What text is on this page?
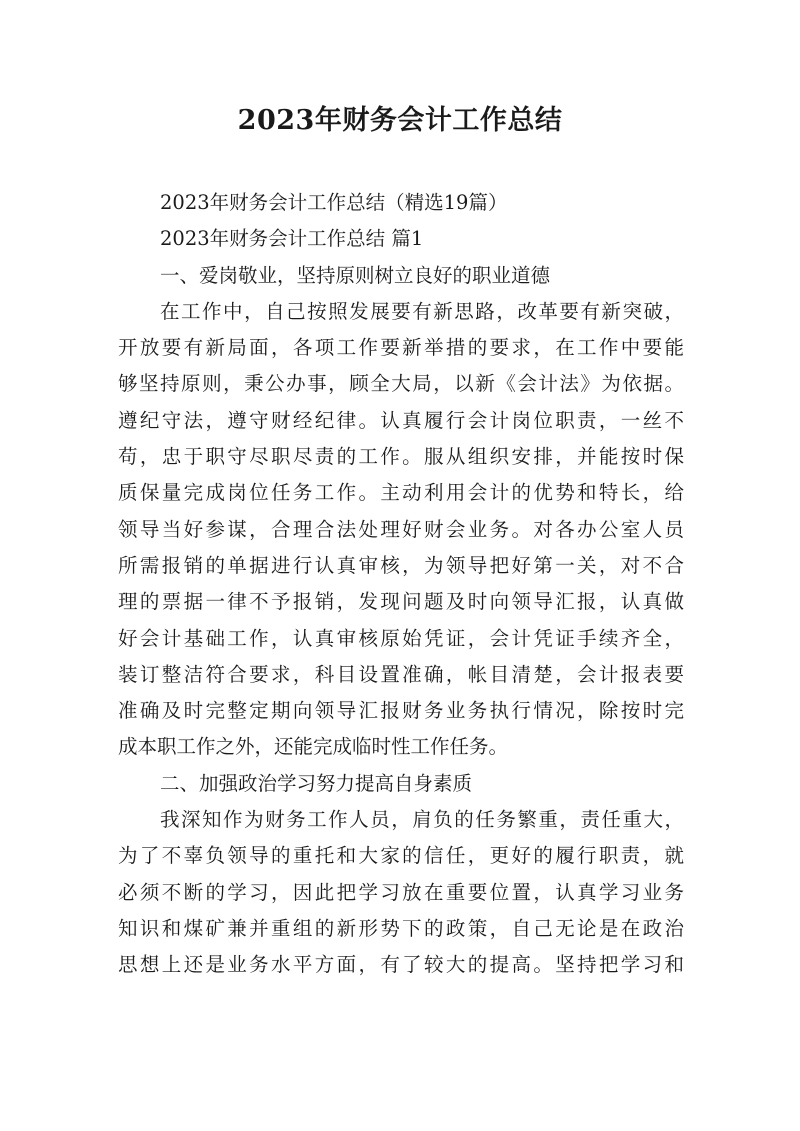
2023年财务会计工作总结
2023年财务会计工作总结（精选19篇）
2023年财务会计工作总结 篇1
一、爱岗敬业，坚持原则树立良好的职业道德
在工作中，自己按照发展要有新思路，改革要有新突破，
开放要有新局面，各项工作要新举措的要求，在工作中要能
够坚持原则，秉公办事，顾全大局，以新《会计法》为依据。
遵纪守法，遵守财经纪律。认真履行会计岗位职责，一丝不
苟，忠于职守尽职尽责的工作。服从组织安排，并能按时保
质保量完成岗位任务工作。主动利用会计的优势和特长，给
领导当好参谋，合理合法处理好财会业务。对各办公室人员
所需报销的单据进行认真审核，为领导把好第一关，对不合
理的票据一律不予报销，发现问题及时向领导汇报，认真做
好会计基础工作，认真审核原始凭证，会计凭证手续齐全，
装订整洁符合要求，科目设置准确，帐目清楚，会计报表要
准确及时完整定期向领导汇报财务业务执行情况，除按时完
成本职工作之外，还能完成临时性工作任务。
二、加强政治学习努力提高自身素质
我深知作为财务工作人员，肩负的任务繁重，责任重大，
为了不辜负领导的重托和大家的信任，更好的履行职责，就
必须不断的学习，因此把学习放在重要位置，认真学习业务
知识和煤矿兼并重组的新形势下的政策，自己无论是在政治
思想上还是业务水平方面，有了较大的提高。坚持把学习和
